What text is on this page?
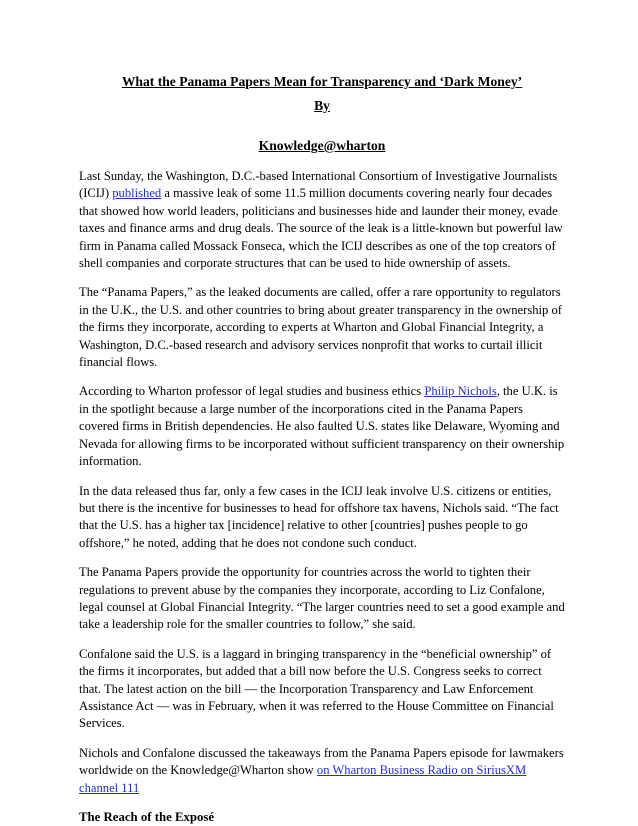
What the Panama Papers Mean for Transparency and ‘Dark Money’
By
Knowledge@wharton

Last Sunday, the Washington, D.C.-based International Consortium of Investigative Journalists (ICIJ) published a massive leak of some 11.5 million documents covering nearly four decades that showed how world leaders, politicians and businesses hide and launder their money, evade taxes and finance arms and drug deals. The source of the leak is a little-known but powerful law firm in Panama called Mossack Fonseca, which the ICIJ describes as one of the top creators of shell companies and corporate structures that can be used to hide ownership of assets.

The “Panama Papers,” as the leaked documents are called, offer a rare opportunity to regulators in the U.K., the U.S. and other countries to bring about greater transparency in the ownership of the firms they incorporate, according to experts at Wharton and Global Financial Integrity, a Washington, D.C.-based research and advisory services nonprofit that works to curtail illicit financial flows.

According to Wharton professor of legal studies and business ethics Philip Nichols, the U.K. is in the spotlight because a large number of the incorporations cited in the Panama Papers covered firms in British dependencies. He also faulted U.S. states like Delaware, Wyoming and Nevada for allowing firms to be incorporated without sufficient transparency on their ownership information.

In the data released thus far, only a few cases in the ICIJ leak involve U.S. citizens or entities, but there is the incentive for businesses to head for offshore tax havens, Nichols said. “The fact that the U.S. has a higher tax [incidence] relative to other [countries] pushes people to go offshore,” he noted, adding that he does not condone such conduct.

The Panama Papers provide the opportunity for countries across the world to tighten their regulations to prevent abuse by the companies they incorporate, according to Liz Confalone, legal counsel at Global Financial Integrity. “The larger countries need to set a good example and take a leadership role for the smaller countries to follow,” she said.

Confalone said the U.S. is a laggard in bringing transparency in the “beneficial ownership” of the firms it incorporates, but added that a bill now before the U.S. Congress seeks to correct that. The latest action on the bill — the Incorporation Transparency and Law Enforcement Assistance Act — was in February, when it was referred to the House Committee on Financial Services.

Nichols and Confalone discussed the takeaways from the Panama Papers episode for lawmakers worldwide on the Knowledge@Wharton show on Wharton Business Radio on SiriusXM channel 111

The Reach of the Exposé
